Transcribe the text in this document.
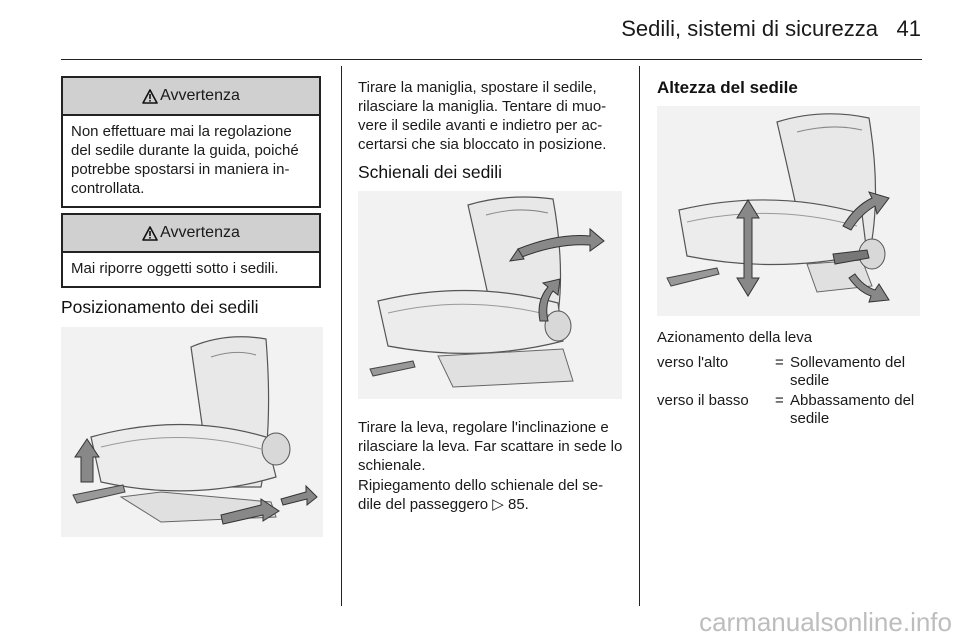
Sedili, sistemi di sicurezza 41
Avvertenza
Non effettuare mai la regolazione del sedile durante la guida, poiché potrebbe spostarsi in maniera in-controllata.
Avvertenza
Mai riporre oggetti sotto i sedili.
Posizionamento dei sedili

Tirare la maniglia, spostare il sedile, rilasciare la maniglia. Tentare di muo-vere il sedile avanti e indietro per ac-certarsi che sia bloccato in posizione.

Schienali dei sedili

Tirare la leva, regolare l'inclinazione e rilasciare la leva. Far scattare in sede lo schienale.

Ripiegamento dello schienale del se-dile del passeggero ▷ 85.

Altezza del sedile

Azionamento della leva

verso l'alto	= Sollevamento del sedile
verso il basso	= Abbassamento del sedile
carmanualsonline.info
